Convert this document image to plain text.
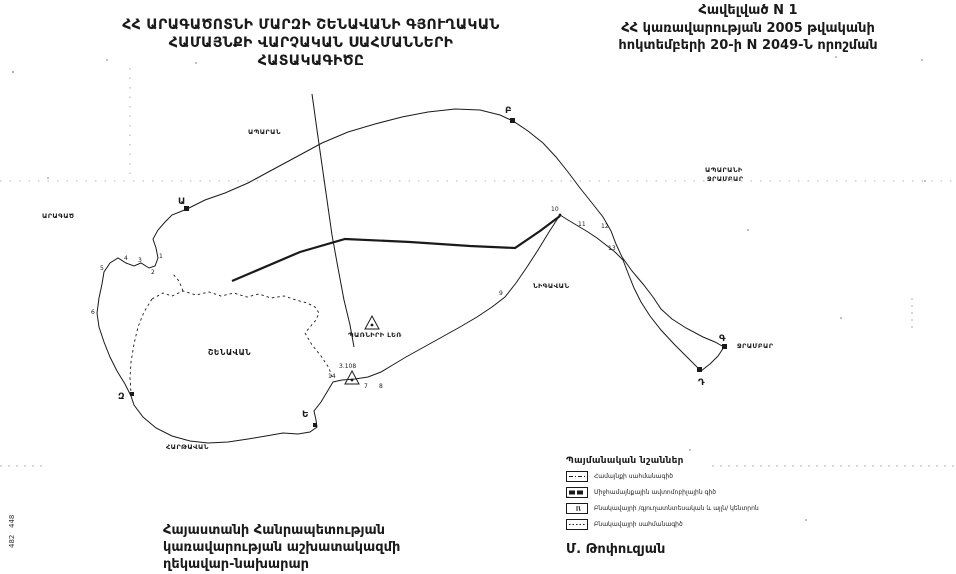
Հավելված N 1
ՀՀ կառավարության 2005 թվականի
հոկտեմբերի 20-ի N 2049-Ն որոշման
ՀՀ ԱՐԱԳԱԾՈՏՆԻ ՄԱՐԶԻ ՇԵՆԱՎԱՆԻ ԳՅՈՒՂԱԿԱՆ
ՀԱՄԱՅՆՔԻ ՎԱՐՉԱԿԱՆ ՍԱՀՄԱՆՆԵՐԻ
ՀԱՏԱԿԱԳԻԾԸ
448
482
Ա
Բ
Գ
Դ
Ե
Զ
1
2
3
4
5
6
7 8
9
10
11	12
13
14
ԱՊԱՐԱՆ
ԱՐԱԳԱԾ
ՇԵՆԱՎԱՆ
ՆԻԳԱՎԱՆ
ՀԱՐԹԱՎԱՆ
ՋՐԱՄԲԱՐ
ԱՊԱՐԱՆԻ
ՋՐԱՄԲԱՐ
ՊԱՌՆԻՐԻ ԼԵՌ
3.108
Պայմանական նշաններ
Համայնքի սահմանագիծ
Միջհամայնքային ավտոմոբիլային գիծ
Բնակավայրի /գյուղատնտեսական և այլն/ կենտրոն
Բնակավայրի սահմանագիծ
Հայաստանի Հանրապետության
կառավարության աշխատակազմի
ղեկավար-նախարար
Մ. Թոփուզյան
